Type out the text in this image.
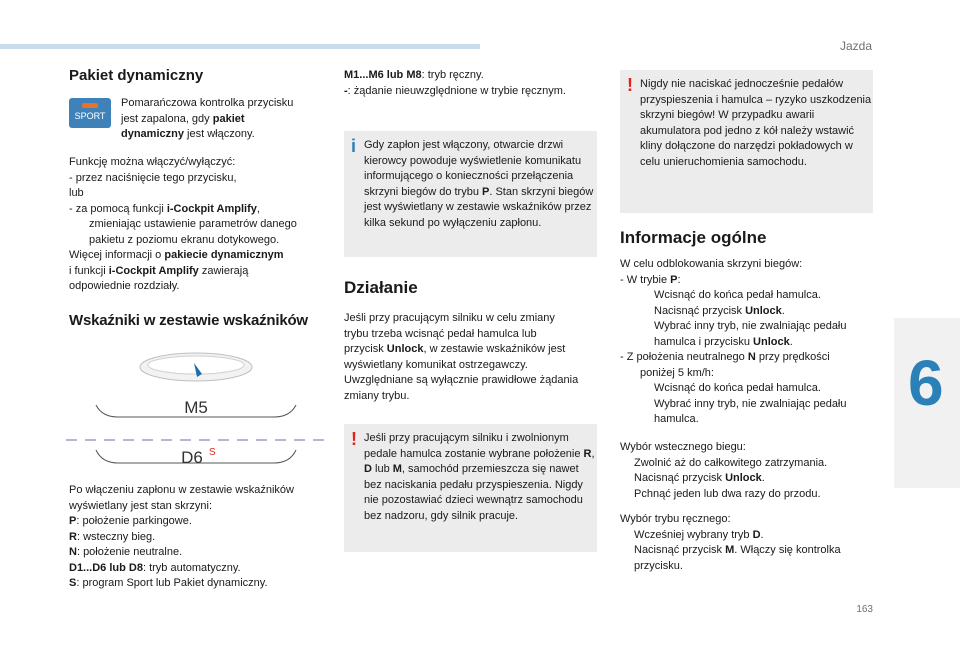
Jazda
163
6

Pakiet dynamiczny

SPORT
Pomarańczowa kontrolka przycisku
jest zapalona, gdy pakiet
dynamiczny jest włączony.
Funkcję można włączyć/wyłączyć:
- przez naciśnięcie tego przycisku,
lub
- za pomocą funkcji i-Cockpit Amplify,
zmieniając ustawienie parametrów danego
pakietu z poziomu ekranu dotykowego.
Więcej informacji o pakiecie dynamicznym
i funkcji i-Cockpit Amplify zawierają
odpowiednie rozdziały.

Wskaźniki w zestawie wskaźników

M5
D6 S
Po włączeniu zapłonu w zestawie wskaźników
wyświetlany jest stan skrzyni:
P: położenie parkingowe.
R: wsteczny bieg.
N: położenie neutralne.
D1...D6 lub D8: tryb automatyczny.
S: program Sport lub Pakiet dynamiczny.
M1...M6 lub M8: tryb ręczny.
-: żądanie nieuwzględnione w trybie ręcznym.
i Gdy zapłon jest włączony, otwarcie drzwi kierowcy powoduje wyświetlenie komunikatu informującego o konieczności przełączenia skrzyni biegów do trybu P. Stan skrzyni biegów jest wyświetlany w zestawie wskaźników przez kilka sekund po wyłączeniu zapłonu.

Działanie

Jeśli przy pracującym silniku w celu zmiany
trybu trzeba wcisnąć pedał hamulca lub
przycisk Unlock, w zestawie wskaźników jest
wyświetlany komunikat ostrzegawczy.
Uwzględniane są wyłącznie prawidłowe żądania
zmiany trybu.
! Jeśli przy pracującym silniku i zwolnionym pedale hamulca zostanie wybrane położenie R, D lub M, samochód przemieszcza się nawet bez naciskania pedału przyspieszenia. Nigdy nie pozostawiać dzieci wewnątrz samochodu bez nadzoru, gdy silnik pracuje.
! Nigdy nie naciskać jednocześnie pedałów przyspieszenia i hamulca – ryzyko uszkodzenia skrzyni biegów! W przypadku awarii akumulatora pod jedno z kół należy wstawić kliny dołączone do narzędzi pokładowych w celu unieruchomienia samochodu.

Informacje ogólne

W celu odblokowania skrzyni biegów:
- W trybie P:
Wcisnąć do końca pedał hamulca.
Nacisnąć przycisk Unlock.
Wybrać inny tryb, nie zwalniając pedału
hamulca i przycisku Unlock.
- Z położenia neutralnego N przy prędkości
poniżej 5 km/h:
Wcisnąć do końca pedał hamulca.
Wybrać inny tryb, nie zwalniając pedału
hamulca.
Wybór wstecznego biegu:
Zwolnić aż do całkowitego zatrzymania.
Nacisnąć przycisk Unlock.
Pchnąć jeden lub dwa razy do przodu.
Wybór trybu ręcznego:
Wcześniej wybrany tryb D.
Nacisnąć przycisk M. Włączy się kontrolka
przycisku.
